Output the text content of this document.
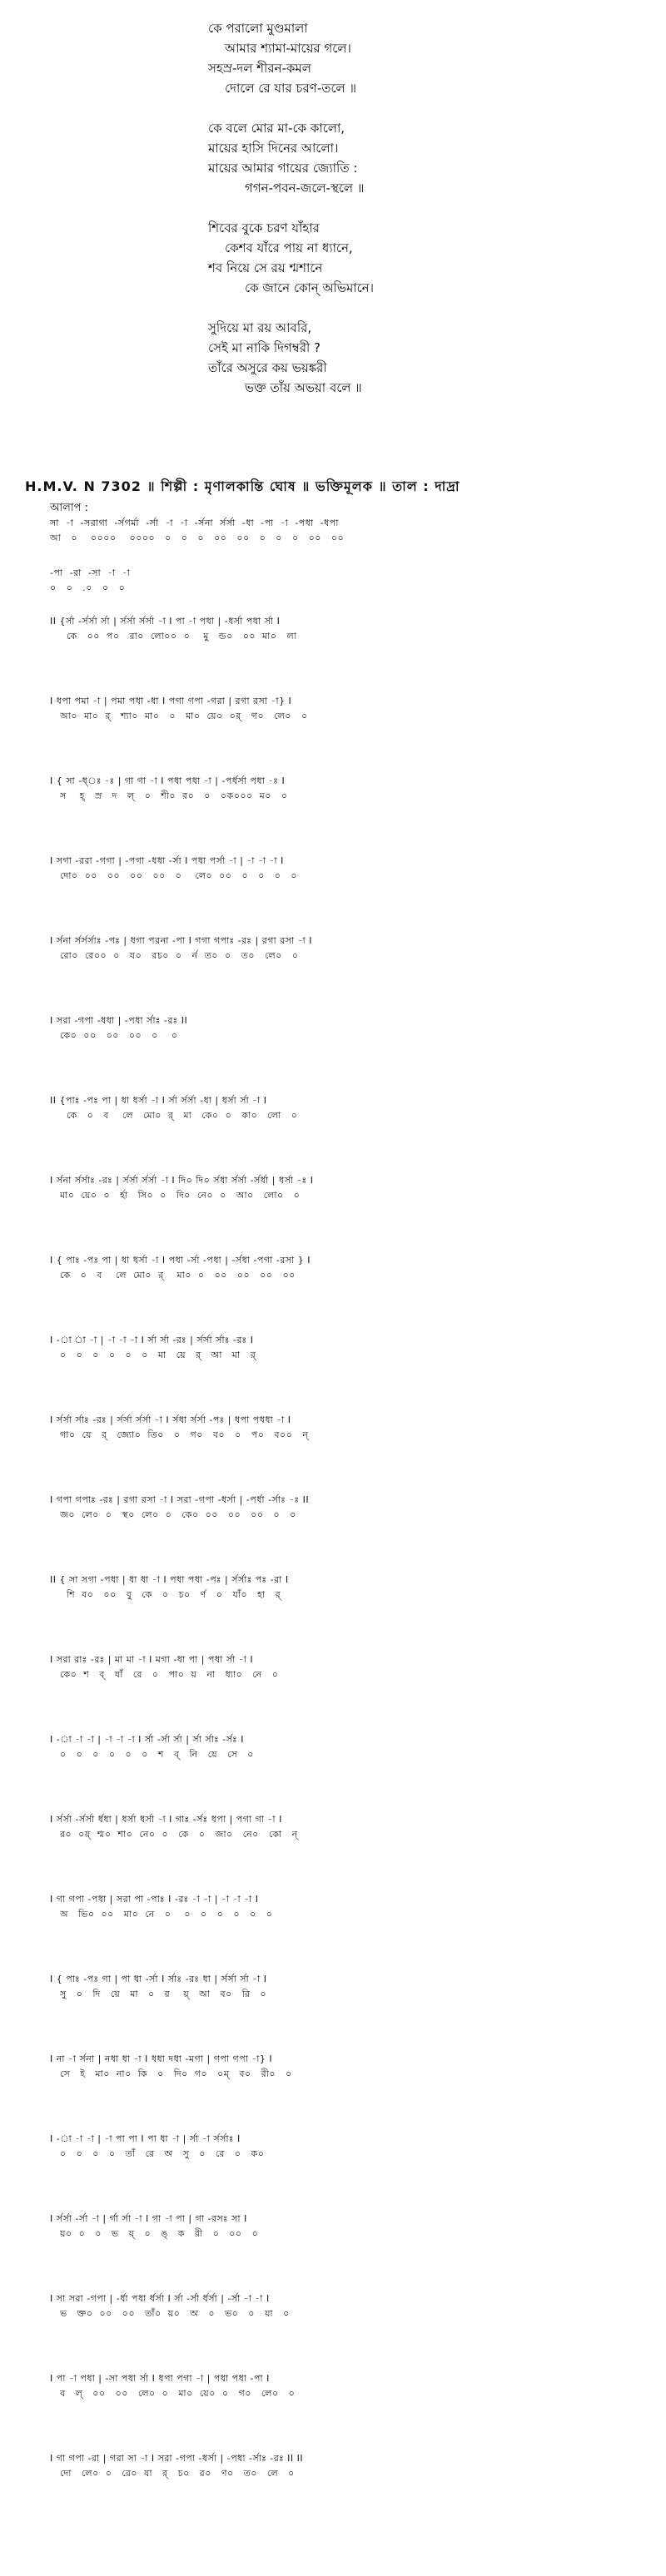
কে পরালো মুণ্ডমালা
আমার শ্যামা-মায়ের গলে।
সহস্র-দল শীরন-কমল
দোলে রে যার চরণ-তলে ॥
কে বলে মোর মা-কে কালো,
মায়ের হাসি দিনের আলো।
মায়ের আমার গায়ের জ্যোতি :
গগন-পবন-জলে-স্থলে ॥
শিবের বুকে চরণ যাঁহার
কেশব যাঁরে পায় না ধ্যানে,
শব নিয়ে সে রয় শ্মশানে
কে জানে কোন্ অভিমানে।
সুদিয়ে মা রয় আবরি,
সেই মা নাকি দিগম্বরী ?
তাঁরে অসুরে কয় ভয়ঙ্করী
ভক্ত তাঁয় অভয়া বলে ॥
H.M.V. N 7302 ॥ শিল্পী : মৃণালকান্তি ঘোষ ॥ ভক্তিমূলক ॥ তাল : দাদ্রা
আলাপ :
সা  -া  -সরাগা  -র্সগর্মা  -র্সা  -া  -া  -র্সনা  র্সর্সা  -ধা  -পা  -া  -পধা  -ধপা
আ   ০    ০০০০    ০০০০   ০   ০   ০   ০০   ০০   ০   ০   ০   ০০   ০০
-পা  -রা  -সা  -া  -া
০   ০   .০   ০   ০
II {র্সা -র্সর্সা র্সা | র্সর্সা র্সর্সা -া I পা -া পধা | -ধর্সা পধা র্সা I
কে   ০০  প০   রা০  লো০০  ০    মু   ন্ড০   ০০  মা০   লা
I ধপা পমা -া | পমা পধা -ধা I পগা গপা -গরা | রগা রসা -া} I
আ০  মা০  র্   শ্যা০  মা০   ০   মা০  য়ে০  ০র্   গ০   লে০   ০
I { সা -ধ্‌ঃ -ঃ | গা গা -া I পধা পধা -া | -পর্ধর্সা পধা -ঃ I
স    হ্   স্র   দ   ল্   ০   শী০  র০   ০   ০ক০০০  ম০   ০
I সগা -ররা -গগা | -পগা -ধধা -র্সা I পধা পর্সা -া | -া -া -া I
দো০  ০০   ০০   ০০   ০০   ০    লে০  ০০   ০   ০   ০   ০
I র্সনা র্সর্সর্সাঃ -পঃ | ধগা পরনা -পা I গগা গপাঃ -রঃ | রগা রসা -া I
রো০  রে০০  ০   য০   রচ০  ০   র্ন  ত০  ০   ত০   লে০   ০
I সরা -গপা -ধধা | -পধা র্সাঃ -রঃ II
কে০  ০০   ০০   ০০   ০    ০
II {পাঃ -পঃ পা | ধা ধর্সা -া I র্সা র্সর্সা -ধা | ধর্সা র্সা -া I
কে   ০   ব    লে   মো০  র্   মা   কে০  ০   কা০   লো   ০
I র্সনা র্সর্সাঃ -রঃ | র্সর্সা র্সর্সা -া I দি০ দি০ র্সধা র্সর্সা -র্সর্ধা | ধর্সা -ঃ I
মা০  য়ে০  ০   র্হা   সি০  ০   দি০  নে০  ০   আ০   লো০   ০
I { পাঃ -পঃ পা | ধা ধর্সা -া I পধা -র্সা -পধা | -র্সধা -পগা -রসা } I
কে   ০   ব    লে  মো০  র্    মা০  ০   ০০   ০০   ০০   ০০
I -া া -া | -া -া -া I র্সা র্সা -রঃ | র্সর্সা র্সাঃ -রঃ I
০   ০   ০   ০   ০   ০   মা   য়ে   র্   আ   মা   র্
I র্সর্সা র্সাঃ -রঃ | র্সর্সা র্সর্সা -া I র্সধা র্সর্সা -পঃ | ধপা পধধা -া I
গা০  য়ে   র্   জ্যো০  তি০   ০   গ০   ব০   ০   প০   ব০০   ন্
I গপা গপাঃ -রঃ | রগা রসা -া I সরা -গপা -ধর্সা | -পর্ধা -র্সাঃ -ঃ II
জ০  লে০  ০   স্থ০  লে০  ০   কে০  ০০   ০০   ০০   ০   ০
II { সা সগা -পধা | ধা ধা -া I পধা পধা -পঃ | র্সর্সাঃ পঃ -রা I
শি  ব০   ০০   বু   কে   ০   চ০   র্ণ   ০   যাঁ০   হা   র্
I সরা রাঃ -রঃ | মা মা -া I মগা -ধা পা | পধা র্সা -া I
কে০  শ   ব্   যাঁ   রে   ০   পা০  য়   না   ধ্যা০   নে   ০
I -া -া -া | -া -া -া I র্সা -র্সা র্সা | র্সা র্সাঃ -র্সঃ I
০   ০   ০   ০   ০   ০   শ   ব্   নি   য়ে   সে   ০
I র্সর্সা -র্সর্সা র্ধধা | ধর্সা ধর্সা -া I গাঃ -র্সঃ ধপা | পগা গা -া I
র০  ০য়্  শ্ম০  শা০  নে০  ০   কে   ০   জা০   নে০   কো   ন্
I গা গপা -পধা | সরা পা -পাঃ I -রঃ -া -া | -া -া -া I
অ   ভি০  ০০   মা০  নে   ০    ০   ০   ০   ০   ০   ০
I { পাঃ -পঃ গা | পা ধা -র্সা I র্সাঃ -রঃ ধা | র্সর্সা র্সা -া I
সু   ০   দি   য়ে   মা   ০   র    য়্   আ   ব০   রি   ০
I না -া র্সনা | নধা ধা -া I ধধা দধা -মগা | গপা গপা -া} I
সে   ই   মা০  না০  কি   ০   দি০  গ০   ০ম্   ব০   রী০   ০
I -া -া -া | -া পা পা I পা ধা -া | র্সা -া র্সর্সাঃ I
০   ০   ০   ০   তাঁ   রে   অ   সু   ০   রে   ০   ক০
I র্সর্সা -র্সা -া | র্গা র্সা -া I গা -া পা | গা -রসঃ সা I
য়০  ০   ০   ভ   য়্   ০   ঙ্   ক   রী   ০   ০০   ০
I সা সরা -গপা | -র্ধা পধা র্ধর্সা I র্সা -র্সা র্ধর্সা | -র্সা -া -া I
ভ   ক্ত০  ০০   ০০   তাঁ০  য়০   অ   ০   ভ০   ০   য়া   ০
I পা -া পধা | -সা পধা র্সা I ধপা পগা -া | পধা পধা -পা I
ব   ল্   ০০   ০০   লে০  ০   মা০  য়ে০  ০   গ০   লে০   ০
I গা গপা -রা | গরা সা -া I সরা -গপা -ধর্সা | -পধা -র্সাঃ -রঃ II II
দো   লে০  ০   রে০  যা   র্   চ০   র০   ণ০   ত০   লে   ০
